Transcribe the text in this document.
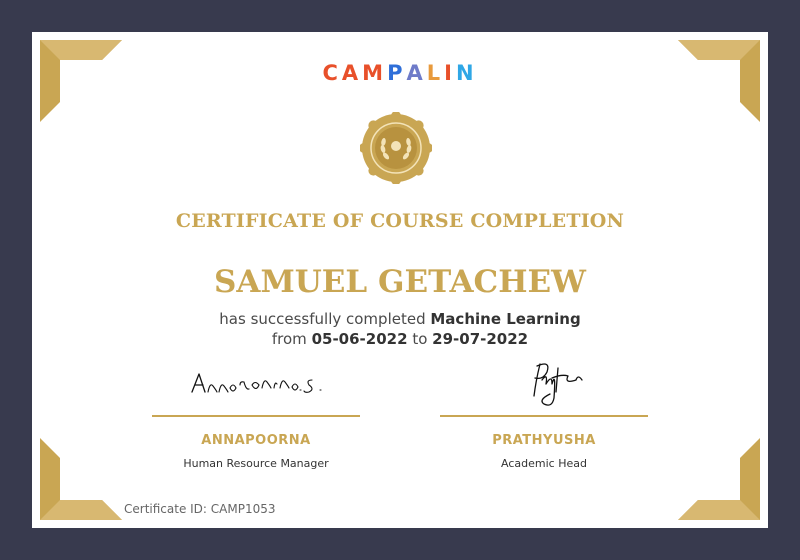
CAMPALIN
CERTIFICATE OF COURSE COMPLETION
SAMUEL GETACHEW
has successfully completed Machine Learning
from 05-06-2022 to 29-07-2022
ANNAPOORNA
Human Resource Manager
PRATHYUSHA
Academic Head
Certificate ID: CAMP1053
